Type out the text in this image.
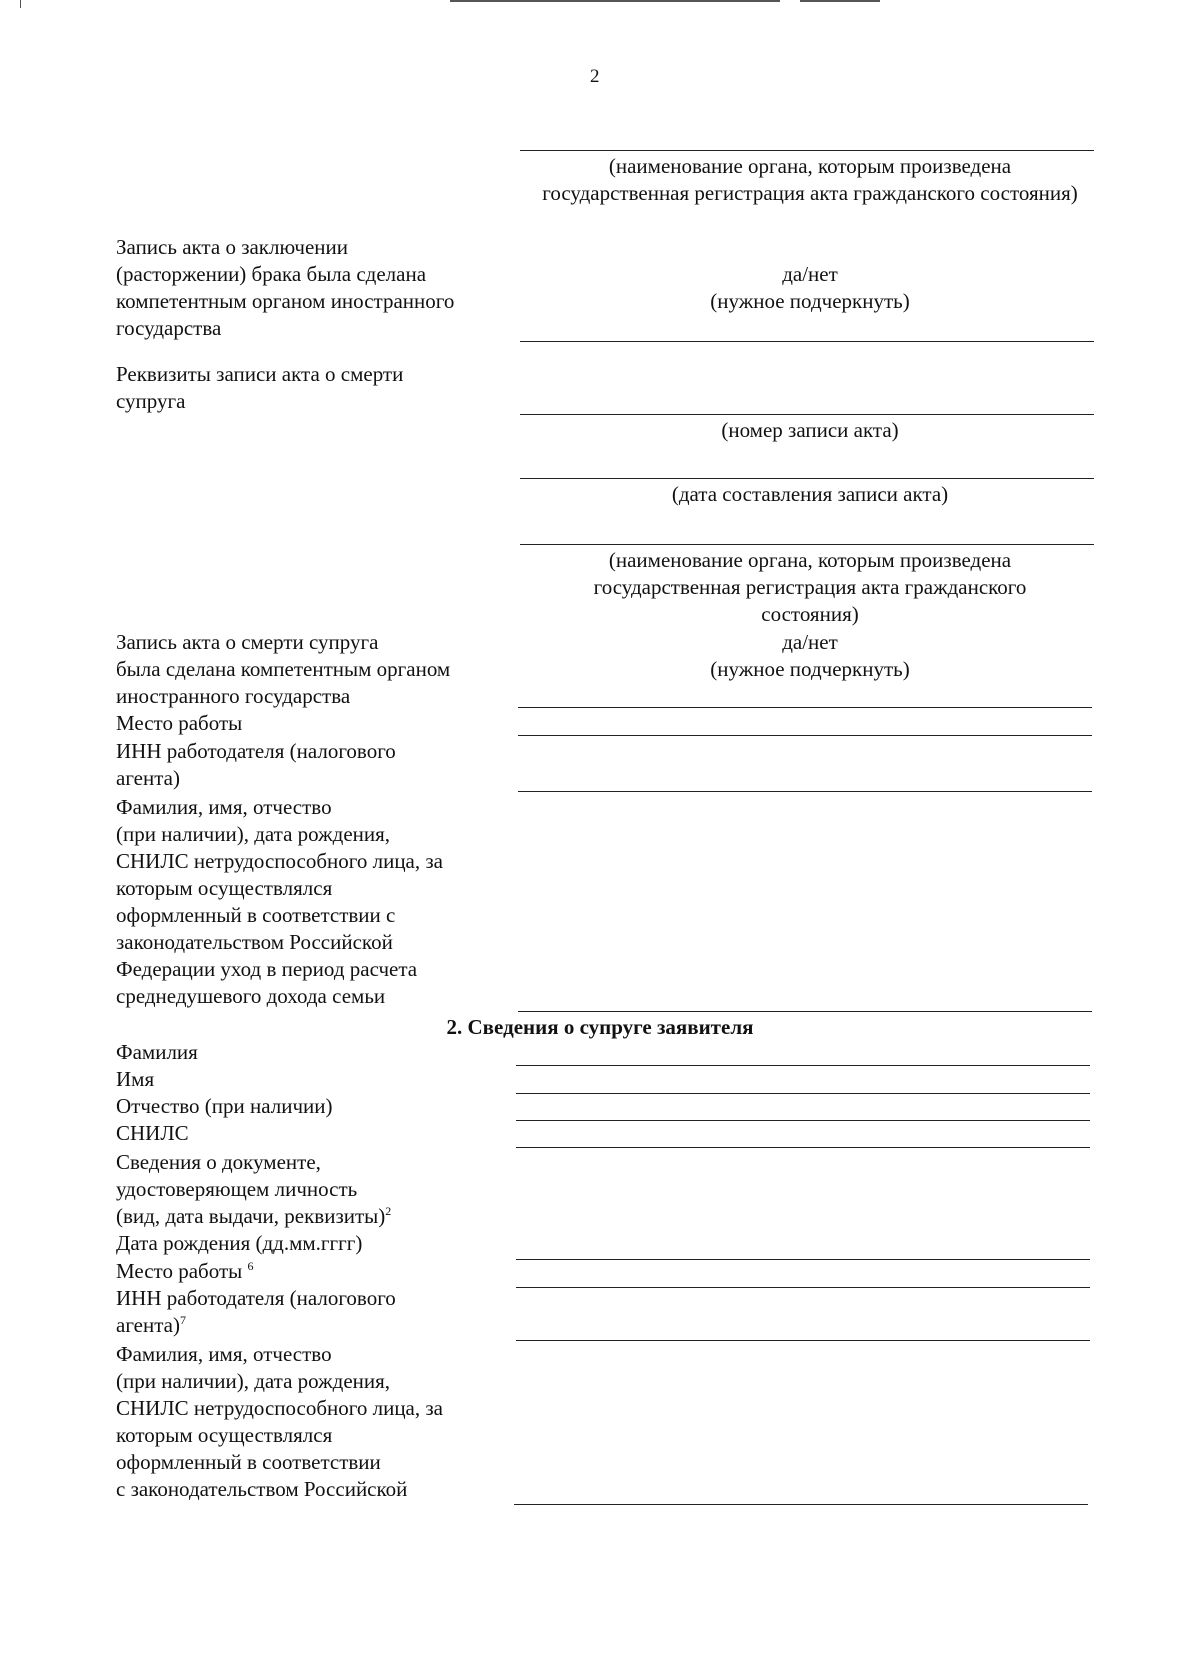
2
(наименование органа, которым произведена государственная регистрация акта гражданского состояния)
да/нет
(нужное подчеркнуть)
(номер записи акта)
(дата составления записи акта)
(наименование органа, которым произведена государственная регистрация акта гражданского состояния)
да/нет
(нужное подчеркнуть)
Запись акта о заключении
(расторжении) брака была сделана
компетентным органом иностранного
государства
Реквизиты записи акта о смерти
супруга
Запись акта о смерти супруга
была сделана компетентным органом
иностранного государства
Место работы
ИНН работодателя (налогового
агента)
Фамилия, имя, отчество
(при наличии), дата рождения,
СНИЛС нетрудоспособного лица, за
которым осуществлялся
оформленный в соответствии с
законодательством Российской
Федерации уход в период расчета
среднедушевого дохода семьи
2. Сведения о супруге заявителя
Фамилия
Имя
Отчество (при наличии)
СНИЛС
Сведения о документе,
удостоверяющем личность
(вид, дата выдачи, реквизиты)$^2$
Дата рождения (дд.мм.гггг)
Место работы $^6$
ИНН работодателя (налогового
агента)$^7$
Фамилия, имя, отчество
(при наличии), дата рождения,
СНИЛС нетрудоспособного лица, за
которым осуществлялся
оформленный в соответствии
с законодательством Российской
